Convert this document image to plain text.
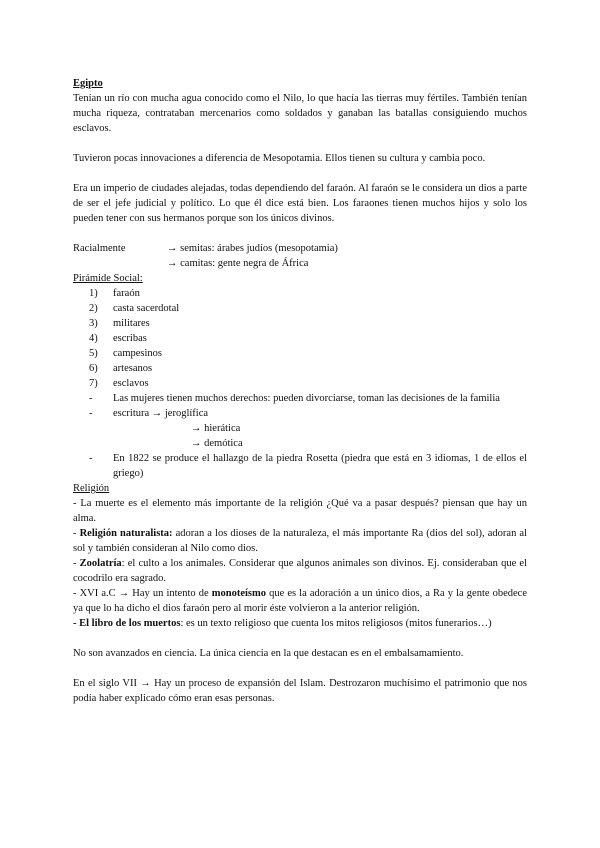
Egipto

Tenían un río con mucha agua conocido como el Nilo, lo que hacía las tierras muy fértiles. También tenían mucha riqueza, contrataban mercenarios como soldados y ganaban las batallas consiguiendo muchos esclavos.

Tuvieron pocas innovaciones a diferencia de Mesopotamia. Ellos tienen su cultura y cambia poco.

Era un imperio de ciudades alejadas, todas dependiendo del faraón. Al faraón se le considera un dios a parte de ser el jefe judicial y político. Lo que él dice está bien. Los faraones tienen muchos hijos y solo los pueden tener con sus hermanos porque son los únicos divinos.

Racialmente	→ semitas: árabes judíos (mesopotamia)
→ camitas: gente negra de África
Pirámide Social:
1)	faraón
2)	casta sacerdotal
3)	militares
4)	escribas
5)	campesinos
6)	artesanos
7)	esclavos
-	Las mujeres tienen muchos derechos: pueden divorciarse, toman las decisiones de la familia
-	escritura → jeroglífica
→ hierática
→ demótica
-	En 1822 se produce el hallazgo de la piedra Rosetta (piedra que está en 3 idiomas, 1 de ellos el griego)

Religión

- La muerte es el elemento más importante de la religión ¿Qué va a pasar después? piensan que hay un alma.

- Religión naturalista: adoran a los dioses de la naturaleza, el más importante Ra (dios del sol), adoran al sol y también consideran al Nilo como dios.

- Zoolatría: el culto a los animales. Considerar que algunos animales son divinos. Ej. consideraban que el cocodrilo era sagrado.

- XVI a.C → Hay un intento de monoteísmo que es la adoración a un único dios, a Ra y la gente obedece ya que lo ha dicho el dios faraón pero al morir éste volvieron a la anterior religión.

- El libro de los muertos: es un texto religioso que cuenta los mitos religiosos (mitos funerarios…)

No son avanzados en ciencia. La única ciencia en la que destacan es en el embalsamamiento.

En el siglo VII → Hay un proceso de expansión del Islam. Destrozaron muchísimo el patrimonio que nos podía haber explicado cómo eran esas personas.
